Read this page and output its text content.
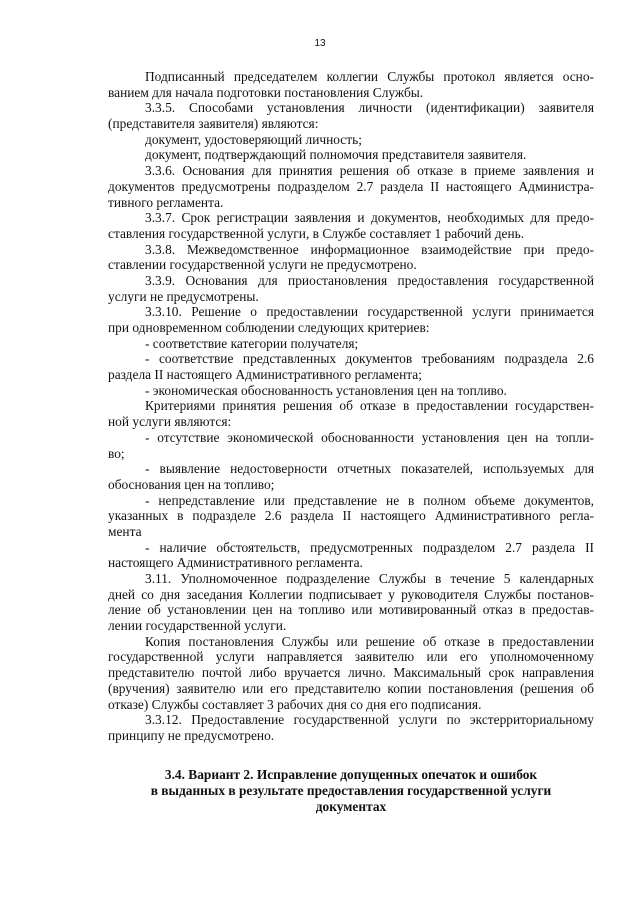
13
Подписанный председателем коллегии Службы протокол является осно-
ванием для начала подготовки постановления Службы.
3.3.5. Способами установления личности (идентификации) заявителя
(представителя заявителя) являются:
документ, удостоверяющий личность;
документ, подтверждающий полномочия представителя заявителя.
3.3.6. Основания для принятия решения об отказе в приеме заявления и
документов предусмотрены подразделом 2.7 раздела II настоящего Администра-
тивного регламента.
3.3.7. Срок регистрации заявления и документов, необходимых для предо-
ставления государственной услуги, в Службе составляет 1 рабочий день.
3.3.8. Межведомственное информационное взаимодействие при предо-
ставлении государственной услуги не предусмотрено.
3.3.9. Основания для приостановления предоставления государственной
услуги не предусмотрены.
3.3.10. Решение о предоставлении государственной услуги принимается
при одновременном соблюдении следующих критериев:
- соответствие категории получателя;
- соответствие представленных документов требованиям подраздела 2.6
раздела II настоящего Административного регламента;
- экономическая обоснованность установления цен на топливо.
Критериями принятия решения об отказе в предоставлении государствен-
ной услуги являются:
- отсутствие экономической обоснованности установления цен на топли-
во;
- выявление недостоверности отчетных показателей, используемых для
обоснования цен на топливо;
- непредставление или представление не в полном объеме документов,
указанных в подразделе 2.6 раздела II настоящего Административного регла-
мента
- наличие обстоятельств, предусмотренных подразделом 2.7 раздела II
настоящего Административного регламента.
3.11. Уполномоченное подразделение Службы в течение 5 календарных
дней со дня заседания Коллегии подписывает у руководителя Службы постанов-
ление об установлении цен на топливо или мотивированный отказ в предостав-
лении государственной услуги.
Копия постановления Службы или решение об отказе в предоставлении
государственной услуги направляется заявителю или его уполномоченному
представителю почтой либо вручается лично. Максимальный срок направления
(вручения) заявителю или его представителю копии постановления (решения об
отказе) Службы составляет 3 рабочих дня со дня его подписания.
3.3.12. Предоставление государственной услуги по экстерриториальному
принципу не предусмотрено.
3.4. Вариант 2. Исправление допущенных опечаток и ошибок
в выданных в результате предоставления государственной услуги
документах
